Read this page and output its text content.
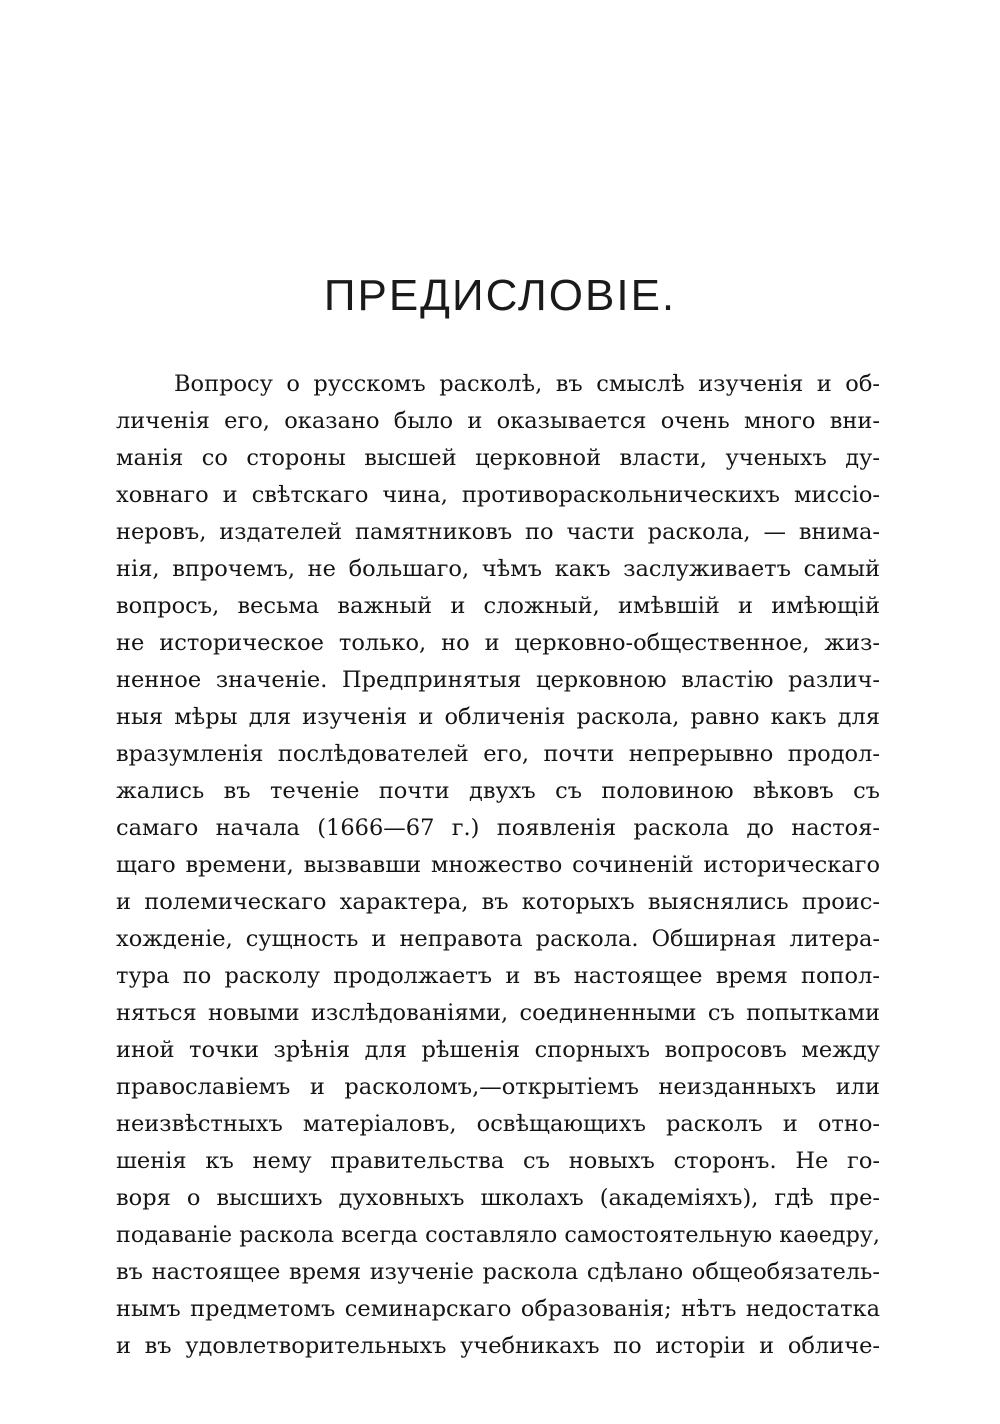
ПРЕДИСЛОВІЕ.
Вопросу о русскомъ расколѣ, въ смыслѣ изученія и об-
личенія его, оказано было и оказывается очень много вни-
манія со стороны высшей церковной власти, ученыхъ ду-
ховнаго и свѣтскаго чина, противораскольническихъ миссіо-
неровъ, издателей памятниковъ по части раскола, — внима-
нія, впрочемъ, не большаго, чѣмъ какъ заслуживаетъ самый
вопросъ, весьма важный и сложный, имѣвшій и имѣющій
не историческое только, но и церковно-общественное, жиз-
ненное значеніе. Предпринятыя церковною властію различ-
ныя мѣры для изученія и обличенія раскола, равно какъ для
вразумленія послѣдователей его, почти непрерывно продол-
жались въ теченіе почти двухъ съ половиною вѣковъ съ
самаго начала (1666—67 г.) появленія раскола до настоя-
щаго времени, вызвавши множество сочиненій историческаго
и полемическаго характера, въ которыхъ выяснялись проис-
хожденіе, сущность и неправота раскола. Обширная литера-
тура по расколу продолжаетъ и въ настоящее время попол-
няться новыми изслѣдованіями, соединенными съ попытками
иной точки зрѣнія для рѣшенія спорныхъ вопросовъ между
православіемъ и расколомъ,—открытіемъ неизданныхъ или
неизвѣстныхъ матеріаловъ, освѣщающихъ расколъ и отно-
шенія къ нему правительства съ новыхъ сторонъ. Не го-
воря о высшихъ духовныхъ школахъ (академіяхъ), гдѣ пре-
подаваніе раскола всегда составляло самостоятельную каѳедру,
въ настоящее время изученіе раскола сдѣлано общеобязатель-
нымъ предметомъ семинарскаго образованія; нѣтъ недостатка
и въ удовлетворительныхъ учебникахъ по исторіи и обличе-
